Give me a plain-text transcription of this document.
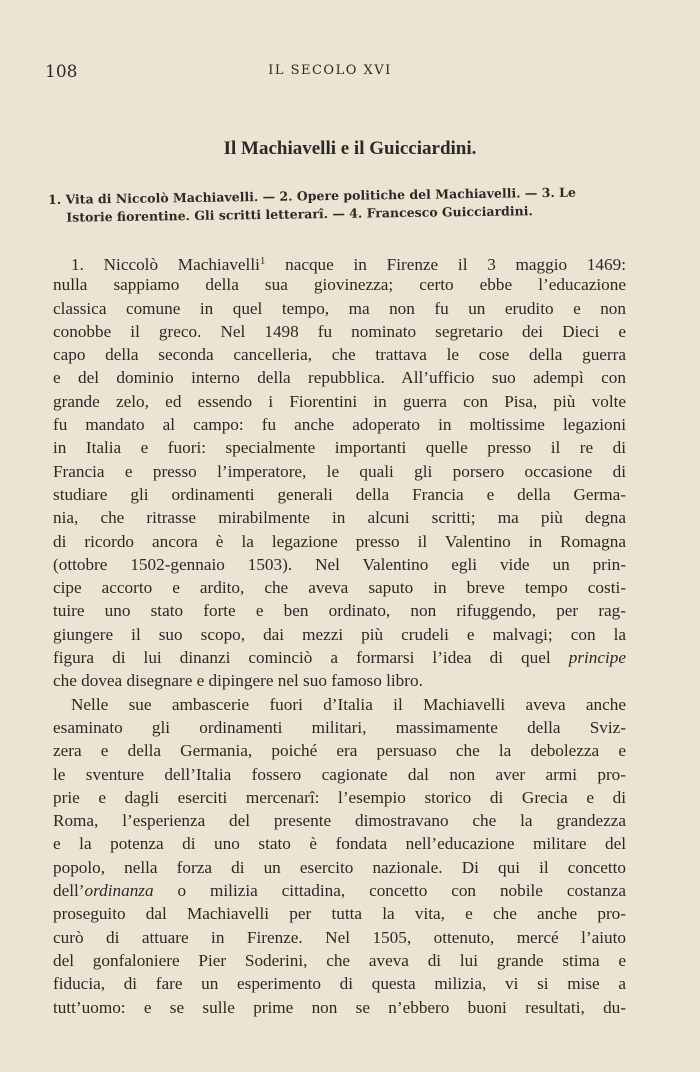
108	IL SECOLO XVI
Il Machiavelli e il Guicciardini.
1. Vita di Niccolò Machiavelli. — 2. Opere politiche del Machiavelli. — 3. Le
Istorie fiorentine. Gli scritti letterarî. — 4. Francesco Guicciardini.
1. Niccolò Machiavelli$^1$ nacque in Firenze il 3 maggio 1469:
nulla sappiamo della sua giovinezza; certo ebbe l’educazione
classica comune in quel tempo, ma non fu un erudito e non
conobbe il greco. Nel 1498 fu nominato segretario dei Dieci e
capo della seconda cancelleria, che trattava le cose della guerra
e del dominio interno della repubblica. All’ufficio suo adempì con
grande zelo, ed essendo i Fiorentini in guerra con Pisa, più volte
fu mandato al campo: fu anche adoperato in moltissime legazioni
in Italia e fuori: specialmente importanti quelle presso il re di
Francia e presso l’imperatore, le quali gli porsero occasione di
studiare gli ordinamenti generali della Francia e della Germa-
nia, che ritrasse mirabilmente in alcuni scritti; ma più degna
di ricordo ancora è la legazione presso il Valentino in Romagna
(ottobre 1502-gennaio 1503). Nel Valentino egli vide un prin-
cipe accorto e ardito, che aveva saputo in breve tempo costi-
tuire uno stato forte e ben ordinato, non rifuggendo, per rag-
giungere il suo scopo, dai mezzi più crudeli e malvagi; con la
figura di lui dinanzi cominciò a formarsi l’idea di quel principe
che dovea disegnare e dipingere nel suo famoso libro.
Nelle sue ambascerie fuori d’Italia il Machiavelli aveva anche
esaminato gli ordinamenti militari, massimamente della Sviz-
zera e della Germania, poiché era persuaso che la debolezza e
le sventure dell’Italia fossero cagionate dal non aver armi pro-
prie e dagli eserciti mercenarî: l’esempio storico di Grecia e di
Roma, l’esperienza del presente dimostravano che la grandezza
e la potenza di uno stato è fondata nell’educazione militare del
popolo, nella forza di un esercito nazionale. Di qui il concetto
dell’ordinanza o milizia cittadina, concetto con nobile costanza
proseguito dal Machiavelli per tutta la vita, e che anche pro-
curò di attuare in Firenze. Nel 1505, ottenuto, mercé l’aiuto
del gonfaloniere Pier Soderini, che aveva di lui grande stima e
fiducia, di fare un esperimento di questa milizia, vi si mise a
tutt’uomo: e se sulle prime non se n’ebbero buoni resultati, du-
